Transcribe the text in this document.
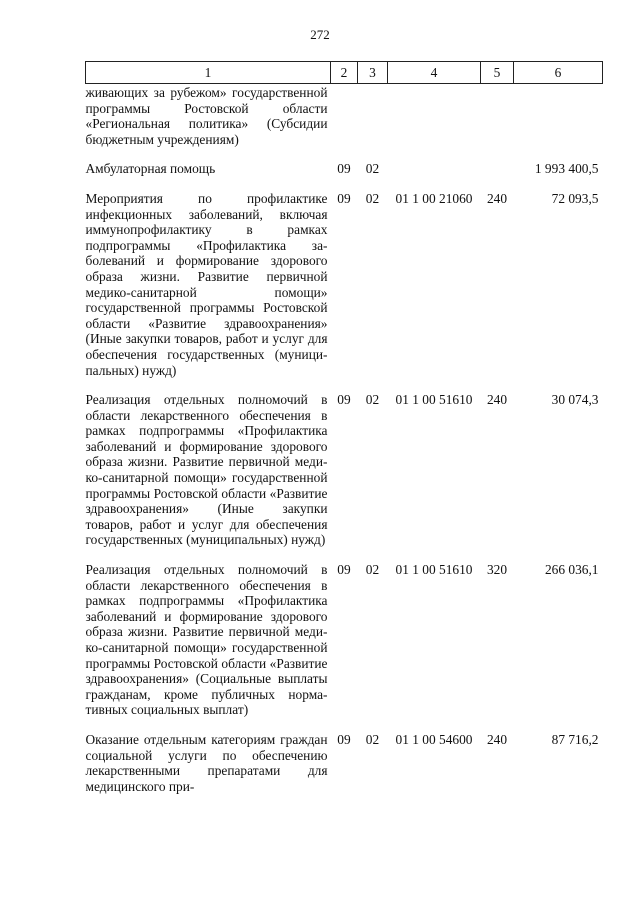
272
1	2	3	4	5	6
живающих за рубежом» государственной программы Ростовской области «Региональная политика» (Субсидии бюджетным учреждениям)					
Амбулаторная помощь	09	02			1 993 400,5
Мероприятия по профилактике инфекционных заболеваний, включая иммунопрофилактику в рамках подпрограммы «Профилактика заболеваний и формирование здорового образа жизни. Развитие первичной медико-санитарной помощи» государственной программы Ростовской области «Развитие здравоохранения» (Иные закупки товаров, работ и услуг для обеспечения государственных (муниципальных) нужд)	09	02	01 1 00 21060	240	72 093,5
Реализация отдельных полномочий в области лекарственного обеспечения в рамках подпрограммы «Профилактика заболеваний и формирование здорового образа жизни. Развитие первичной медико-санитарной помощи» государственной программы Ростовской области «Развитие здравоохранения» (Иные закупки товаров, работ и услуг для обеспечения государственных (муниципальных) нужд)	09	02	01 1 00 51610	240	30 074,3
Реализация отдельных полномочий в области лекарственного обеспечения в рамках подпрограммы «Профилактика заболеваний и формирование здорового образа жизни. Развитие первичной медико-санитарной помощи» государственной программы Ростовской области «Развитие здравоохранения» (Социальные выплаты гражданам, кроме публичных нормативных социальных выплат)	09	02	01 1 00 51610	320	266 036,1
Оказание отдельным категориям граждан социальной услуги по обеспечению лекарственными препаратами для медицинского при-	09	02	01 1 00 54600	240	87 716,2
